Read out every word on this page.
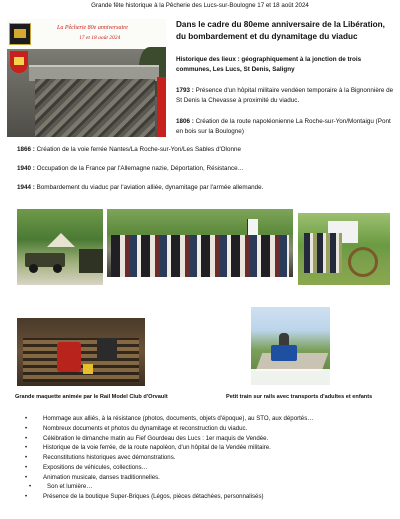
Grande fête historique à la Pêcherie des Lucs-sur-Boulogne 17 et 18 août 2024
La Pêcherie 80e anniversaire
17 et 18 août 2024
Dans le cadre du 80eme anniversaire de la Libération,
du bombardement et du dynamitage du viaduc
Historique des lieux : géographiquement à la jonction de trois communes, Les Lucs, St Denis, Saligny
1793 : Présence d'un hôpital militaire vendéen temporaire à la Bignonnière de St Denis la Chevasse à proximité du viaduc.
1806 : Création de la route napoléonienne La Roche-sur-Yon/Montaigu (Pont en bois sur la Boulogne)
1866 : Création de la voie ferrée Nantes/La Roche-sur-Yon/Les Sables d'Olonne
1940 : Occupation de la France par l'Allemagne nazie, Déportation, Résistance…
1944 : Bombardement du viaduc par l'aviation alliée, dynamitage par l'armée allemande.
Grande maquette animée par le Rail Model Club d'Orvault	Petit train sur rails avec transports d'adultes et enfants
• Hommage aux alliés, à la résistance (photos, documents, objets d'époque), au STO, aux déportés…
• Nombreux documents et photos du dynamitage et reconstruction du viaduc.
• Célébration le dimanche matin au Fief Gourdeau des Lucs : 1er maquis de Vendée.
• Historique de la voie ferrée, de la route napoléon, d'un hôpital de la Vendée militaire.
• Reconstitutions historiques avec démonstrations.
• Expositions de véhicules, collections…
• Animation musicale, danses traditionnelles.
• Son et lumière…
• Présence de la boutique Super-Briques (Légos, pièces détachées, personnalisés)
